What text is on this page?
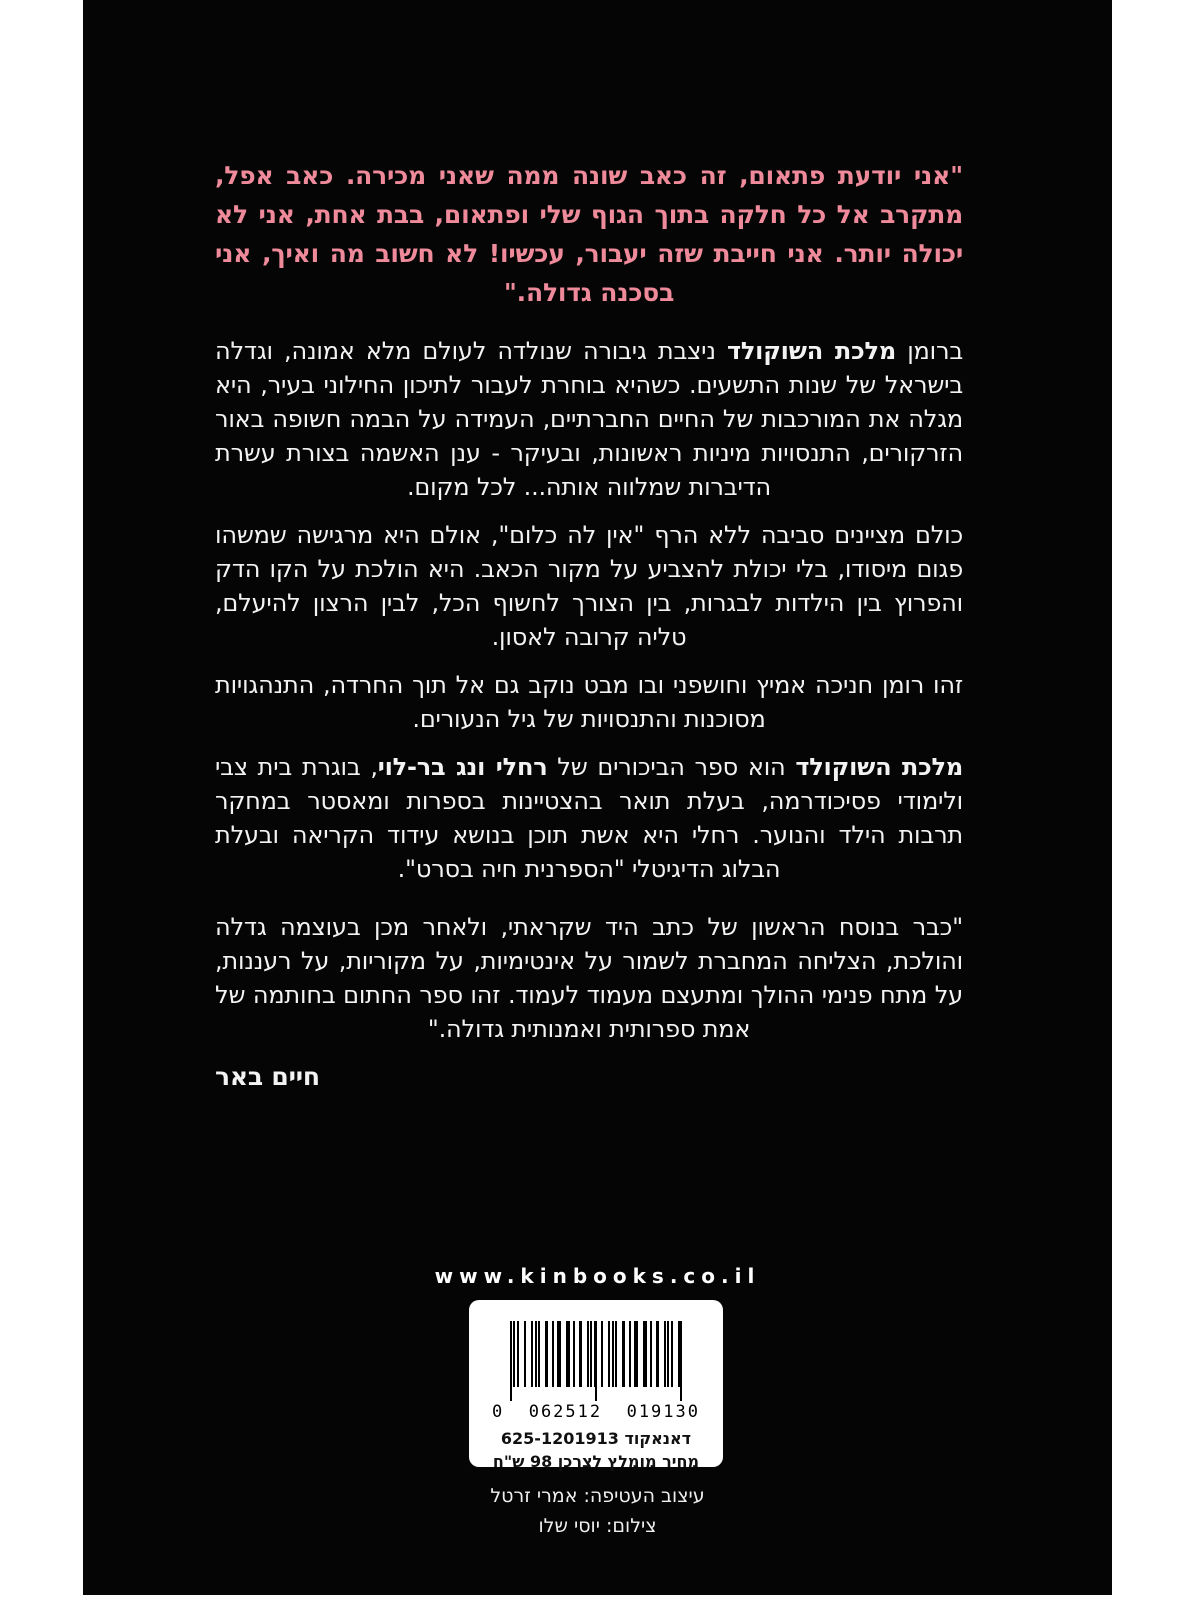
"אני יודעת פתאום, זה כאב שונה ממה שאני מכירה. כאב אפל, מתקרב אל כל חלקה בתוך הגוף שלי ופתאום, בבת אחת, אני לא יכולה יותר. אני חייבת שזה יעבור, עכשיו! לא חשוב מה ואיך, אני בסכנה גדולה."

ברומן מלכת השוקולד ניצבת גיבורה שנולדה לעולם מלא אמונה, וגדלה בישראל של שנות התשעים. כשהיא בוחרת לעבור לתיכון החילוני בעיר, היא מגלה את המורכבות של החיים החברתיים, העמידה על הבמה חשופה באור הזרקורים, התנסויות מיניות ראשונות, ובעיקר - ענן האשמה בצורת עשרת הדיברות שמלווה אותה... לכל מקום.

כולם מציינים סביבה ללא הרף "אין לה כלום", אולם היא מרגישה שמשהו פגום מיסודו, בלי יכולת להצביע על מקור הכאב. היא הולכת על הקו הדק והפרוץ בין הילדות לבגרות, בין הצורך לחשוף הכל, לבין הרצון להיעלם, טליה קרובה לאסון.

זהו רומן חניכה אמיץ וחושפני ובו מבט נוקב גם אל תוך החרדה, התנהגויות מסוכנות והתנסויות של גיל הנעורים.

מלכת השוקולד הוא ספר הביכורים של רחלי ונג בר-לוי, בוגרת בית צבי ולימודי פסיכודרמה, בעלת תואר בהצטיינות בספרות ומאסטר במחקר תרבות הילד והנוער. רחלי היא אשת תוכן בנושא עידוד הקריאה ובעלת הבלוג הדיגיטלי "הספרנית חיה בסרט".

"כבר בנוסח הראשון של כתב היד שקראתי, ולאחר מכן בעוצמה גדלה והולכת, הצליחה המחברת לשמור על אינטימיות, על מקוריות, על רעננות, על מתח פנימי ההולך ומתעצם מעמוד לעמוד. זהו ספר החתום בחותמה של אמת ספרותית ואמנותית גדולה."

חיים באר

www.kinbooks.co.il
0  062512  019130
דאנאקוד 625-1201913
מחיר מומלץ לצרכן 98 ש"ח
עיצוב העטיפה: אמרי זרטל
צילום: יוסי שלו
